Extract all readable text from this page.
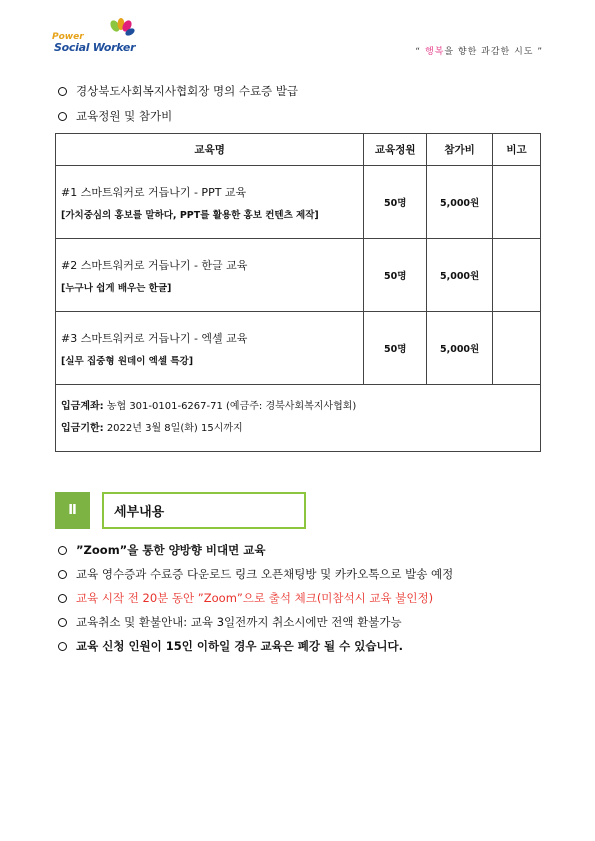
Power
Social Worker	“ 행복을 향한 과감한 시도 ”
경상북도사회복지사협회장 명의 수료증 발급
교육정원 및 참가비
교육명	교육정원	참가비	비고

#1 스마트워커로 거듭나기 - PPT 교육
[가치중심의 홍보를 말하다, PPT를 활용한 홍보 컨텐츠 제작]	50명	5,000원	

#2 스마트워커로 거듭나기 - 한글 교육
[누구나 쉽게 배우는 한글]	50명	5,000원	

#3 스마트워커로 거듭나기 - 엑셀 교육
[실무 집중형 원데이 엑셀 특강]	50명	5,000원	

입금계좌: 농협 301-0101-6267-71 (예금주: 경북사회복지사협회)
입금기한: 2022년 3월 8일(화) 15시까지			
Ⅱ	세부내용
”Zoom”을 통한 양방향 비대면 교육
교육 영수증과 수료증 다운로드 링크 오픈채팅방 및 카카오톡으로 발송 예정
교육 시작 전 20분 동안 ”Zoom”으로 출석 체크(미참석시 교육 불인정)
교육취소 및 환불안내: 교육 3일전까지 취소시에만 전액 환불가능
교육 신청 인원이 15인 이하일 경우 교육은 폐강 될 수 있습니다.
